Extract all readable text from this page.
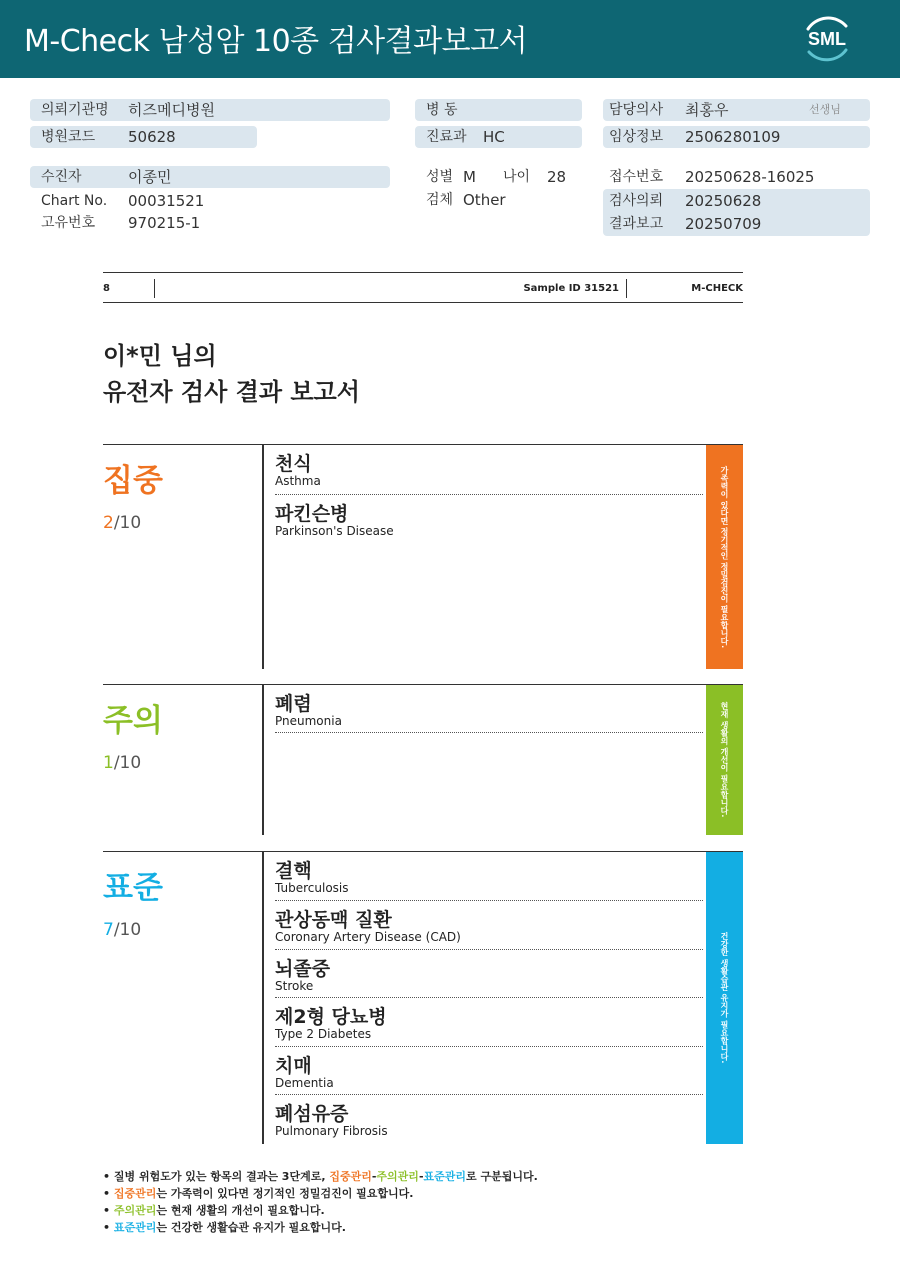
M-Check 남성암 10종 검사결과보고서	SML
의뢰기관명 히즈메디병원
병원코드 50628
수진자	이종민
Chart No. 00031521
고유번호 970215-1
병 동
진료과 HC
성별 M 나이 28
검체 Other
담당의사 최홍우	선생님
임상정보 2506280109
접수번호 20250628-16025
검사의뢰 20250628
결과보고 20250709
8	Sample ID 31521	M-CHECK
이*민 님의
유전자 검사 결과 보고서
집중
2/10
천식
Asthma
파킨슨병
Parkinson's Disease	가족력이 있다면 정기적인 정밀검진이 필요합니다.
주의
1/10
폐렴
Pneumonia	현재 생활의 개선이 필요합니다.
표준
7/10
결핵
Tuberculosis
관상동맥 질환
Coronary Artery Disease (CAD)
뇌졸중
Stroke
제2형 당뇨병
Type 2 Diabetes
치매
Dementia
폐섬유증
Pulmonary Fibrosis
건강한 생활습관 유지가 필요합니다.
• 질병 위험도가 있는 항목의 결과는 3단계로, 집중관리-주의관리-표준관리로 구분됩니다.
• 집중관리는 가족력이 있다면 정기적인 정밀검진이 필요합니다.
• 주의관리는 현재 생활의 개선이 필요합니다.
• 표준관리는 건강한 생활습관 유지가 필요합니다.
